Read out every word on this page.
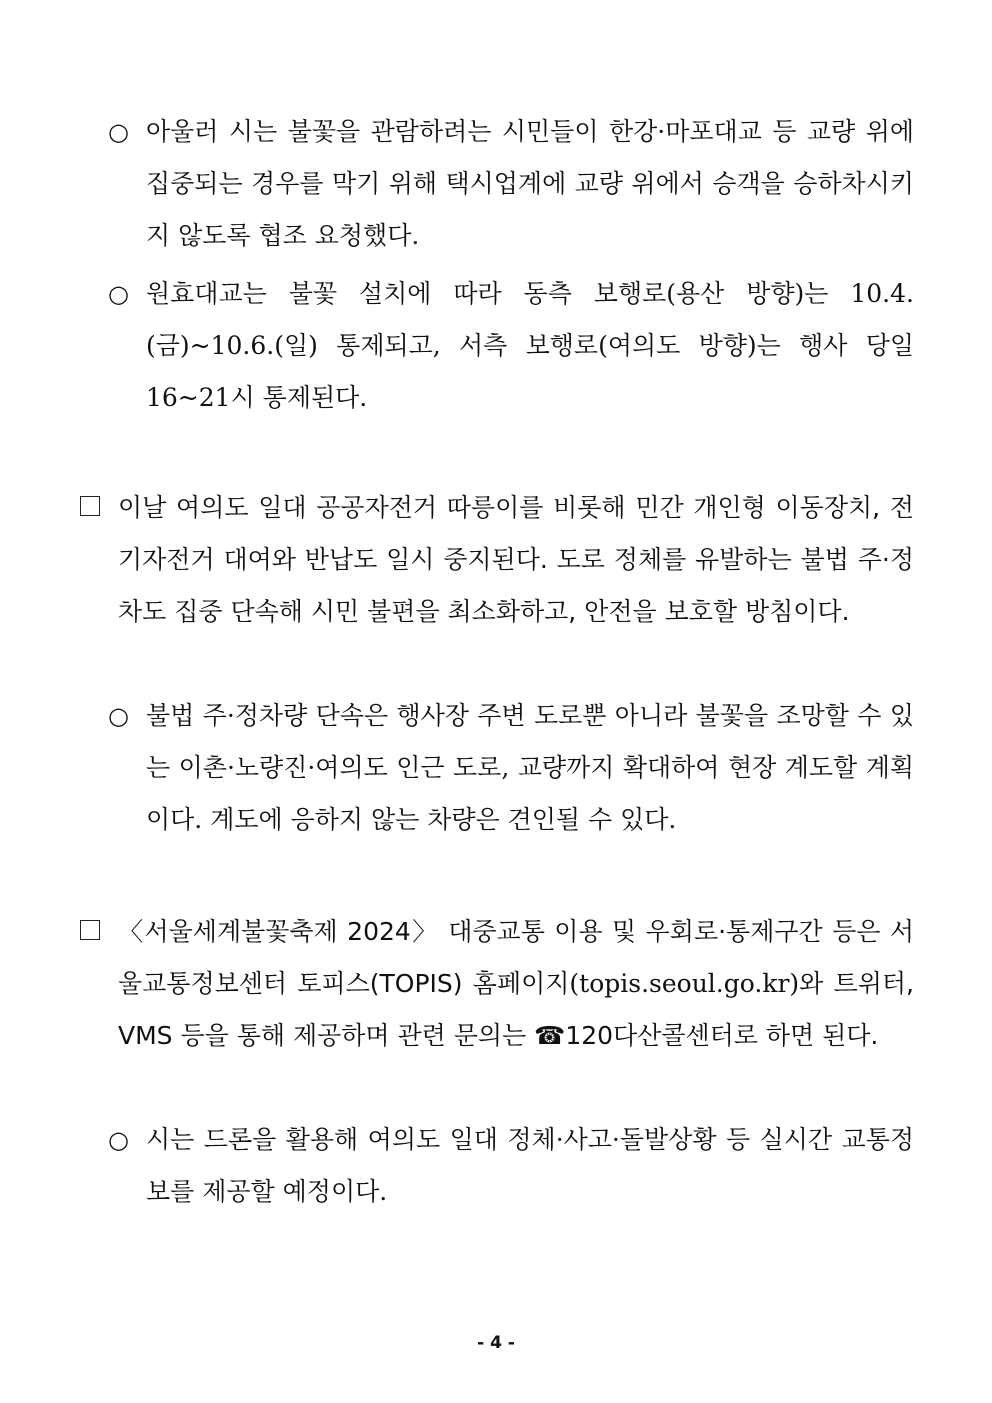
○ 아울러 시는 불꽃을 관람하려는 시민들이 한강·마포대교 등 교량 위에 집중되는 경우를 막기 위해 택시업계에 교량 위에서 승객을 승하차시키지 않도록 협조 요청했다.
○ 원효대교는 불꽃 설치에 따라 동측 보행로(용산 방향)는 10.4.(금)~10.6.(일) 통제되고, 서측 보행로(여의도 방향)는 행사 당일 16~21시 통제된다.
이날 여의도 일대 공공자전거 따릉이를 비롯해 민간 개인형 이동장치, 전기자전거 대여와 반납도 일시 중지된다. 도로 정체를 유발하는 불법 주·정차도 집중 단속해 시민 불편을 최소화하고, 안전을 보호할 방침이다.
○ 불법 주·정차량 단속은 행사장 주변 도로뿐 아니라 불꽃을 조망할 수 있는 이촌·노량진·여의도 인근 도로, 교량까지 확대하여 현장 계도할 계획이다. 계도에 응하지 않는 차량은 견인될 수 있다.
〈서울세계불꽃축제 2024〉 대중교통 이용 및 우회로·통제구간 등은 서울교통정보센터 토피스(TOPIS) 홈페이지(topis.seoul.go.kr)와 트위터, VMS 등을 통해 제공하며 관련 문의는 ☎120다산콜센터로 하면 된다.
○ 시는 드론을 활용해 여의도 일대 정체·사고·돌발상황 등 실시간 교통정보를 제공할 예정이다.
- 4 -
